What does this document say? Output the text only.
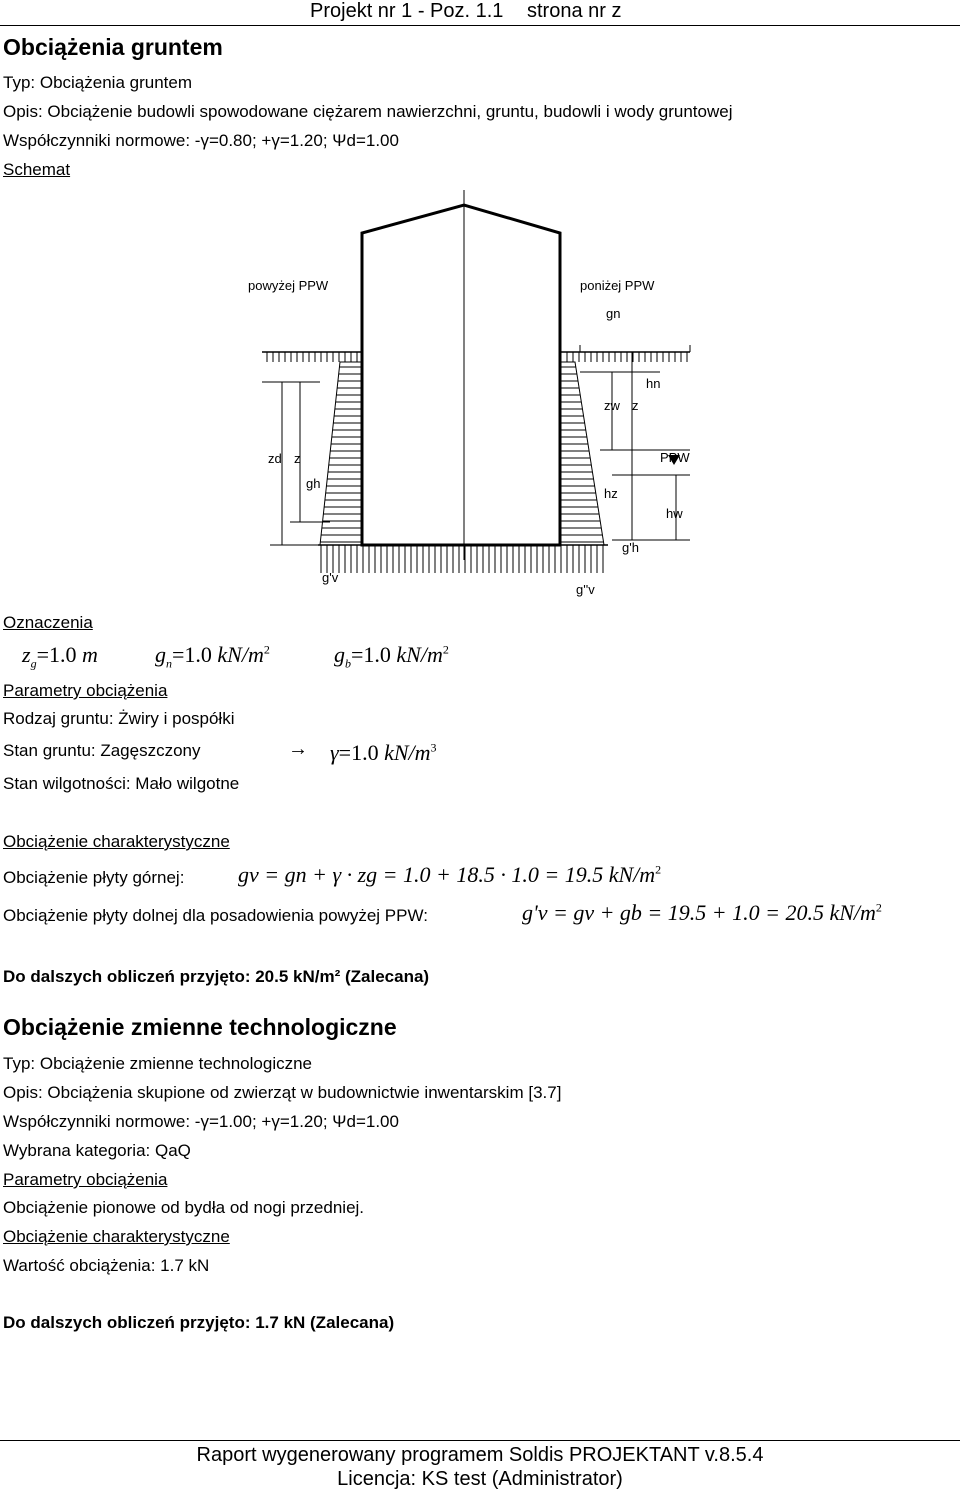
Projekt nr 1 - Poz. 1.1 strona nr z
Obciążenia gruntem
Typ: Obciążenia gruntem
Opis: Obciążenie budowli spowodowane ciężarem nawierzchni, gruntu, budowli i wody gruntowej
Współczynniki normowe: -γ=0.80; +γ=1.20; Ψd=1.00
Schemat
powyżej PPW	poniżej PPW
gn
hn
zw z
zd z
gh
PPW
hz
hw
g'h
g'v
g''v
Oznaczenia
$z_g=1.0$ m	$g_n=1.0$ $kN/m^2$	$g_b=1.0$ $kN/m^2$
Parametry obciążenia
Rodzaj gruntu: Żwiry i pospółki
Stan gruntu: Zagęszczony	→ γ=1.0 $kN/m^3$
Stan wilgotności: Mało wilgotne
Obciążenie charakterystyczne
Obciążenie płyty górnej: gv = gn + γ · zg = 1.0 + 18.5 · 1.0 = 19.5 $kN/m^2$
Obciążenie płyty dolnej dla posadowienia powyżej PPW:	g'v = gv + gb = 19.5 + 1.0 = 20.5 $kN/m^2$
Do dalszych obliczeń przyjęto: 20.5 kN/m² (Zalecana)
Obciążenie zmienne technologiczne
Typ: Obciążenie zmienne technologiczne
Opis: Obciążenia skupione od zwierząt w budownictwie inwentarskim [3.7]
Współczynniki normowe: -γ=1.00; +γ=1.20; Ψd=1.00
Wybrana kategoria: QaQ
Parametry obciążenia
Obciążenie pionowe od bydła od nogi przedniej.
Obciążenie charakterystyczne
Wartość obciążenia: 1.7 kN
Do dalszych obliczeń przyjęto: 1.7 kN (Zalecana)
Raport wygenerowany programem Soldis PROJEKTANT v.8.5.4
Licencja: KS test (Administrator)
